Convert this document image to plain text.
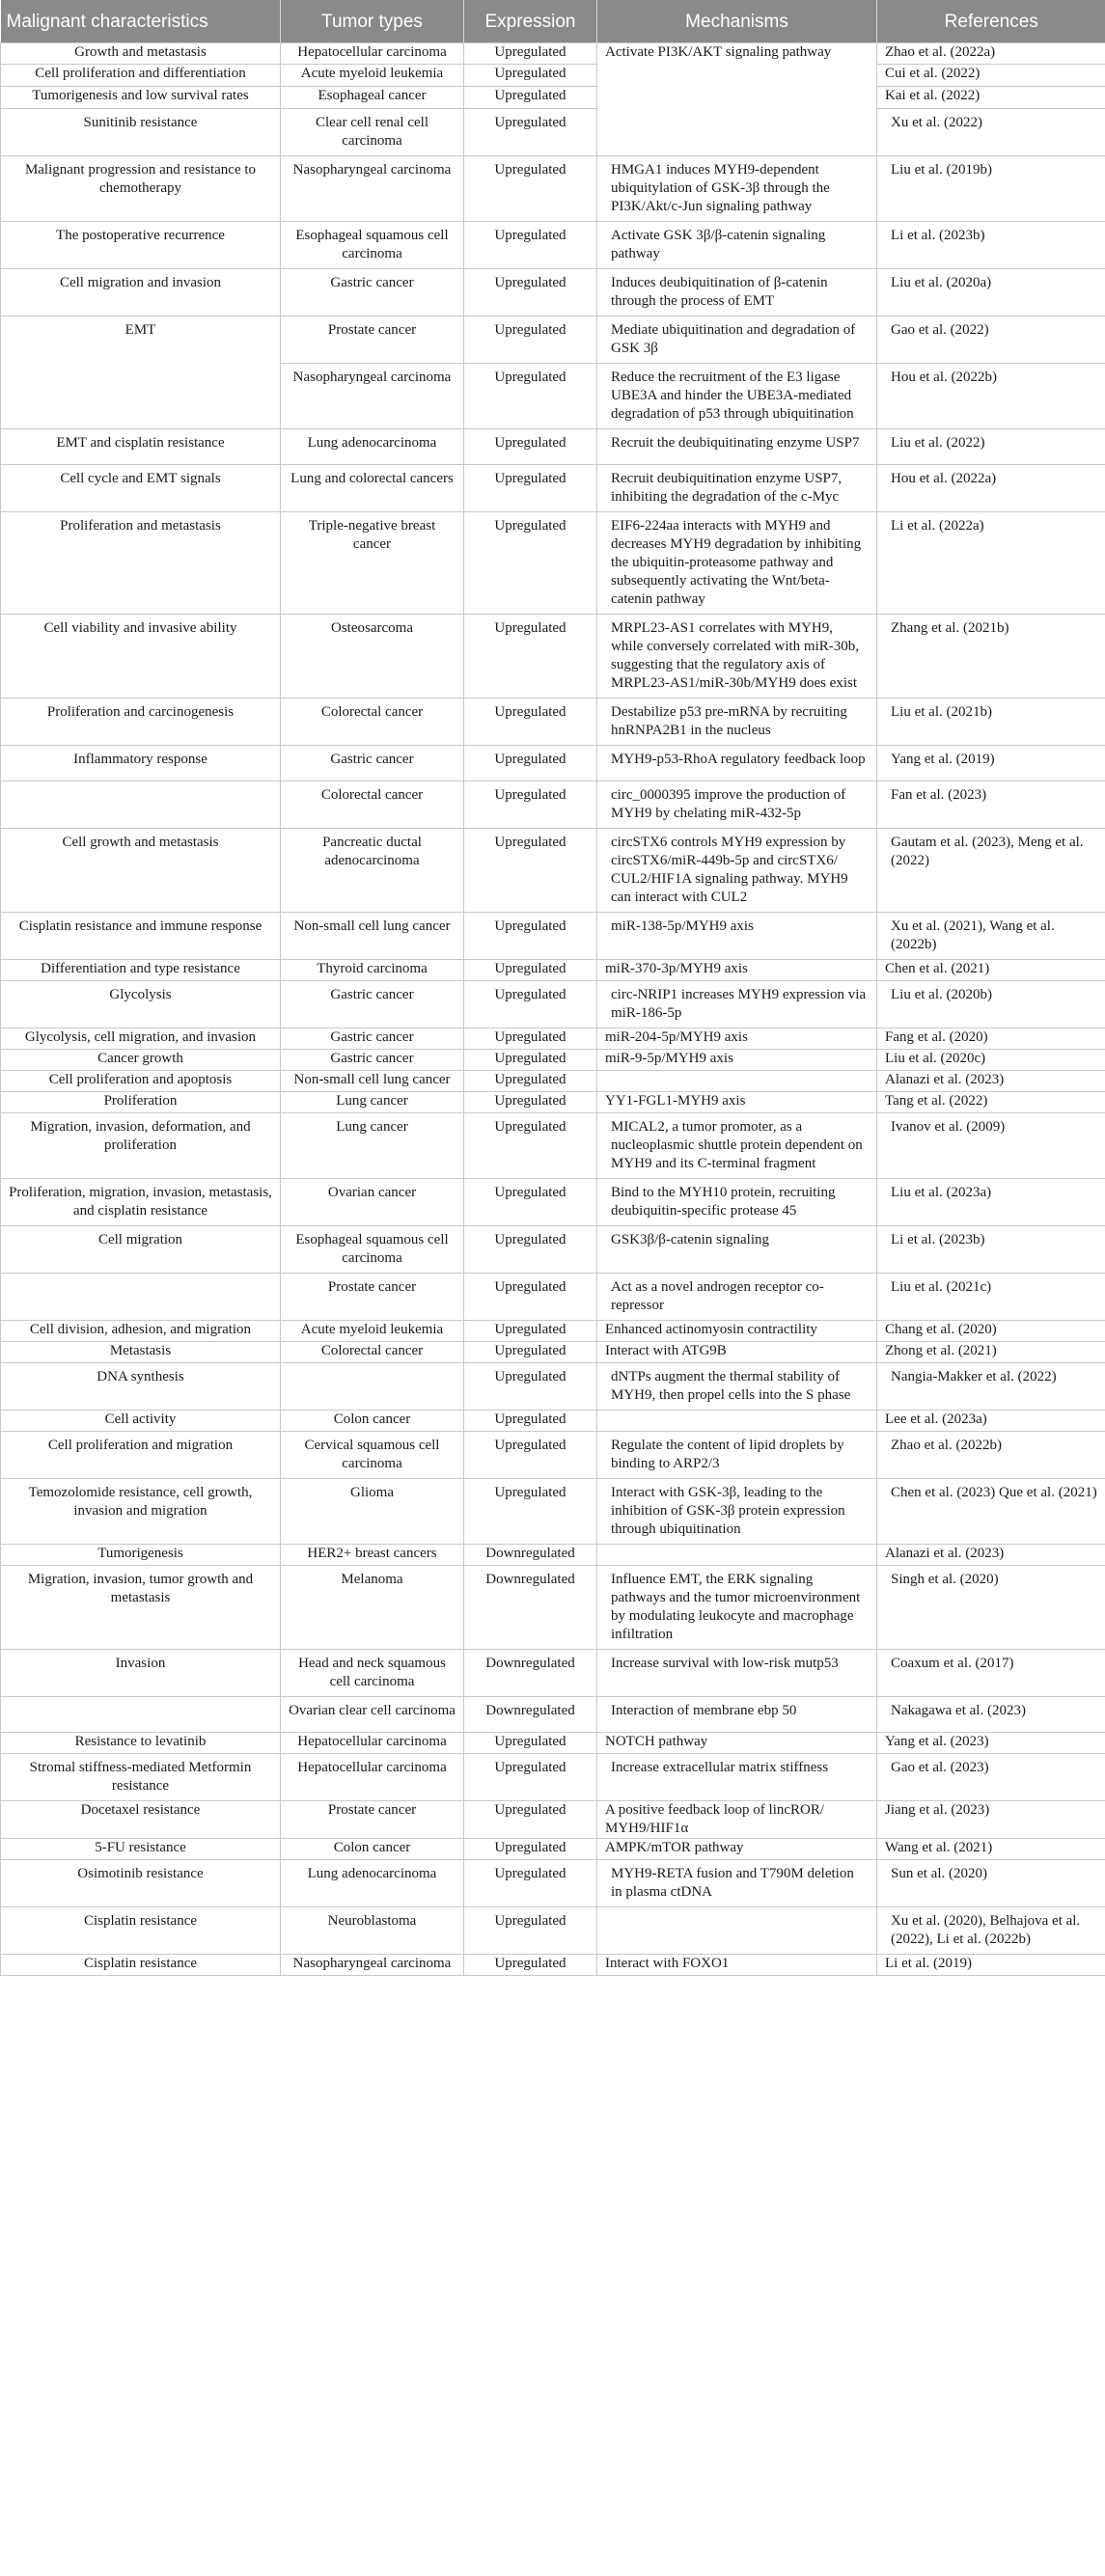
Malignant characteristics	Tumor types	Expression	Mechanisms	References
Growth and metastasis	Hepatocellular carcinoma	Upregulated	Activate PI3K/AKT signaling pathway	Zhao et al. (2022a)
Cell proliferation and differentiation	Acute myeloid leukemia	Upregulated		Cui et al. (2022)
Tumorigenesis and low survival rates	Esophageal cancer	Upregulated		Kai et al. (2022)
Sunitinib resistance	Clear cell renal cell carcinoma	Upregulated		Xu et al. (2022)
Malignant progression and resistance to chemotherapy	Nasopharyngeal carcinoma	Upregulated	HMGA1 induces MYH9-dependent ubiquitylation of GSK-3β through the PI3K/Akt/c-Jun signaling pathway	Liu et al. (2019b)
The postoperative recurrence	Esophageal squamous cell carcinoma	Upregulated	Activate GSK 3β/β-catenin signaling pathway	Li et al. (2023b)
Cell migration and invasion	Gastric cancer	Upregulated	Induces deubiquitination of β-catenin through the process of EMT	Liu et al. (2020a)
EMT	Prostate cancer	Upregulated	Mediate ubiquitination and degradation of GSK 3β	Gao et al. (2022)
	Nasopharyngeal carcinoma	Upregulated	Reduce the recruitment of the E3 ligase UBE3A and hinder the UBE3A-mediated degradation of p53 through ubiquitination	Hou et al. (2022b)
EMT and cisplatin resistance	Lung adenocarcinoma	Upregulated	Recruit the deubiquitinating enzyme USP7	Liu et al. (2022)
Cell cycle and EMT signals	Lung and colorectal cancers	Upregulated	Recruit deubiquitination enzyme USP7, inhibiting the degradation of the c-Myc	Hou et al. (2022a)
Proliferation and metastasis	Triple-negative breast cancer	Upregulated	EIF6-224aa interacts with MYH9 and decreases MYH9 degradation by inhibiting the ubiquitin-proteasome pathway and subsequently activating the Wnt/beta-catenin pathway	Li et al. (2022a)
Cell viability and invasive ability	Osteosarcoma	Upregulated	MRPL23-AS1 correlates with MYH9, while conversely correlated with miR-30b, suggesting that the regulatory axis of MRPL23-AS1/miR-30b/MYH9 does exist	Zhang et al. (2021b)
Proliferation and carcinogenesis	Colorectal cancer	Upregulated	Destabilize p53 pre-mRNA by recruiting hnRNPA2B1 in the nucleus	Liu et al. (2021b)
Inflammatory response	Gastric cancer	Upregulated	MYH9-p53-RhoA regulatory feedback loop	Yang et al. (2019)
	Colorectal cancer	Upregulated	circ_0000395 improve the production of MYH9 by chelating miR-432-5p	Fan et al. (2023)
Cell growth and metastasis	Pancreatic ductal adenocarcinoma	Upregulated	circSTX6 controls MYH9 expression by circSTX6/miR-449b-5p and circSTX6/ CUL2/HIF1A signaling pathway. MYH9 can interact with CUL2	Gautam et al. (2023), Meng et al. (2022)
Cisplatin resistance and immune response	Non-small cell lung cancer	Upregulated	miR-138-5p/MYH9 axis	Xu et al. (2021), Wang et al. (2022b)
Differentiation and type resistance	Thyroid carcinoma	Upregulated	miR-370-3p/MYH9 axis	Chen et al. (2021)
Glycolysis	Gastric cancer	Upregulated	circ-NRIP1 increases MYH9 expression via miR-186-5p	Liu et al. (2020b)
Glycolysis, cell migration, and invasion	Gastric cancer	Upregulated	miR-204-5p/MYH9 axis	Fang et al. (2020)
Cancer growth	Gastric cancer	Upregulated	miR-9-5p/MYH9 axis	Liu et al. (2020c)
Cell proliferation and apoptosis	Non-small cell lung cancer	Upregulated		Alanazi et al. (2023)
Proliferation	Lung cancer	Upregulated	YY1-FGL1-MYH9 axis	Tang et al. (2022)
Migration, invasion, deformation, and proliferation	Lung cancer	Upregulated	MICAL2, a tumor promoter, as a nucleoplasmic shuttle protein dependent on MYH9 and its C-terminal fragment	Ivanov et al. (2009)
Proliferation, migration, invasion, metastasis, and cisplatin resistance	Ovarian cancer	Upregulated	Bind to the MYH10 protein, recruiting deubiquitin-specific protease 45	Liu et al. (2023a)
Cell migration	Esophageal squamous cell carcinoma	Upregulated	GSK3β/β-catenin signaling	Li et al. (2023b)
	Prostate cancer	Upregulated	Act as a novel androgen receptor co-repressor	Liu et al. (2021c)
Cell division, adhesion, and migration	Acute myeloid leukemia	Upregulated	Enhanced actinomyosin contractility	Chang et al. (2020)
Metastasis	Colorectal cancer	Upregulated	Interact with ATG9B	Zhong et al. (2021)
DNA synthesis		Upregulated	dNTPs augment the thermal stability of MYH9, then propel cells into the S phase	Nangia-Makker et al. (2022)
Cell activity	Colon cancer	Upregulated		Lee et al. (2023a)
Cell proliferation and migration	Cervical squamous cell carcinoma	Upregulated	Regulate the content of lipid droplets by binding to ARP2/3	Zhao et al. (2022b)
Temozolomide resistance, cell growth, invasion and migration	Glioma	Upregulated	Interact with GSK-3β, leading to the inhibition of GSK-3β protein expression through ubiquitination	Chen et al. (2023) Que et al. (2021)
Tumorigenesis	HER2+ breast cancers	Downregulated		Alanazi et al. (2023)
Migration, invasion, tumor growth and metastasis	Melanoma	Downregulated	Influence EMT, the ERK signaling pathways and the tumor microenvironment by modulating leukocyte and macrophage infiltration	Singh et al. (2020)
Invasion	Head and neck squamous cell carcinoma	Downregulated	Increase survival with low-risk mutp53	Coaxum et al. (2017)
	Ovarian clear cell carcinoma	Downregulated	Interaction of membrane ebp 50	Nakagawa et al. (2023)
Resistance to levatinib	Hepatocellular carcinoma	Upregulated	NOTCH pathway	Yang et al. (2023)
Stromal stiffness-mediated Metformin resistance	Hepatocellular carcinoma	Upregulated	Increase extracellular matrix stiffness	Gao et al. (2023)
Docetaxel resistance	Prostate cancer	Upregulated	A positive feedback loop of lincROR/ MYH9/HIF1α	Jiang et al. (2023)
5-FU resistance	Colon cancer	Upregulated	AMPK/mTOR pathway	Wang et al. (2021)
Osimotinib resistance	Lung adenocarcinoma	Upregulated	MYH9-RETA fusion and T790M deletion in plasma ctDNA	Sun et al. (2020)
Cisplatin resistance	Neuroblastoma	Upregulated		Xu et al. (2020), Belhajova et al. (2022), Li et al. (2022b)
Cisplatin resistance	Nasopharyngeal carcinoma	Upregulated	Interact with FOXO1	Li et al. (2019)
